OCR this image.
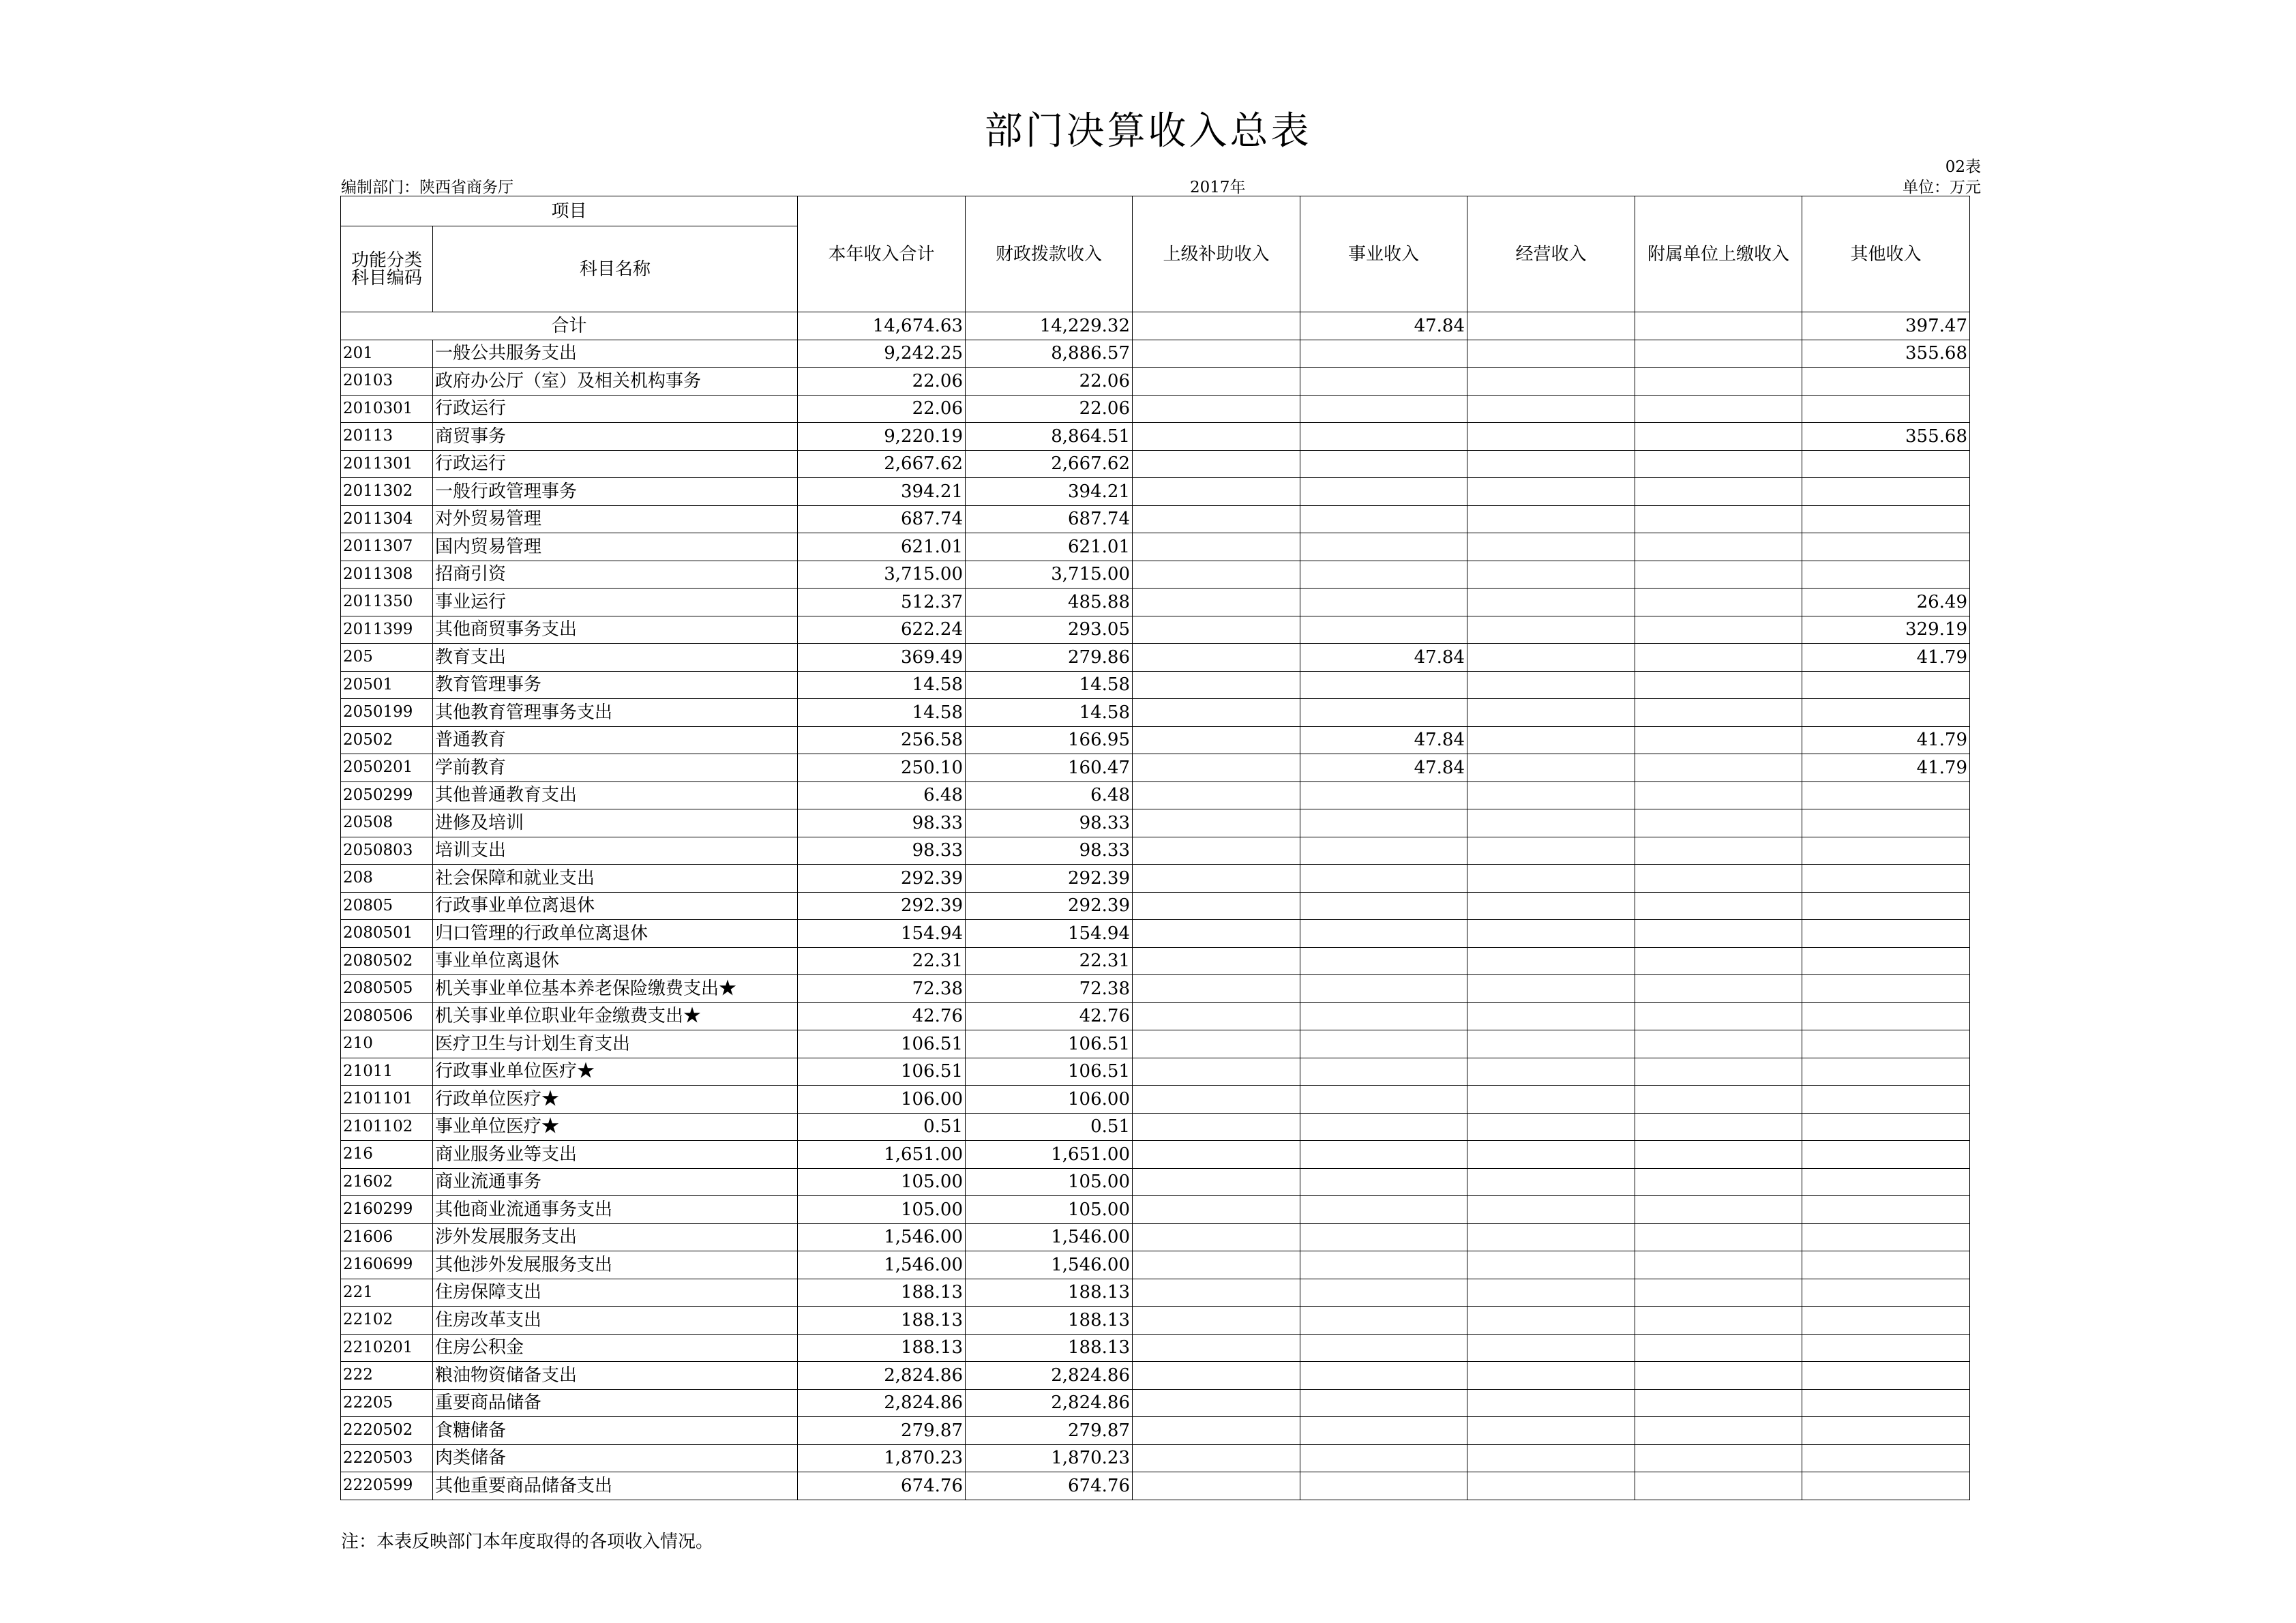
部门决算收入总表
02表
编制部门：陕西省商务厅	2017年	单位：万元
项目		本年收入合计	财政拨款收入	上级补助收入	事业收入	经营收入	附属单位上缴收入	其他收入
功能分类科目编码	科目名称							
合计		14,674.63	14,229.32		47.84			397.47
201	一般公共服务支出	9,242.25	8,886.57					355.68
20103	政府办公厅（室）及相关机构事务	22.06	22.06					
2010301	行政运行	22.06	22.06					
20113	商贸事务	9,220.19	8,864.51					355.68
2011301	行政运行	2,667.62	2,667.62					
2011302	一般行政管理事务	394.21	394.21					
2011304	对外贸易管理	687.74	687.74					
2011307	国内贸易管理	621.01	621.01					
2011308	招商引资	3,715.00	3,715.00					
2011350	事业运行	512.37	485.88					26.49
2011399	其他商贸事务支出	622.24	293.05					329.19
205	教育支出	369.49	279.86		47.84			41.79
20501	教育管理事务	14.58	14.58					
2050199	其他教育管理事务支出	14.58	14.58					
20502	普通教育	256.58	166.95		47.84			41.79
2050201	学前教育	250.10	160.47		47.84			41.79
2050299	其他普通教育支出	6.48	6.48					
20508	进修及培训	98.33	98.33					
2050803	培训支出	98.33	98.33					
208	社会保障和就业支出	292.39	292.39					
20805	行政事业单位离退休	292.39	292.39					
2080501	归口管理的行政单位离退休	154.94	154.94					
2080502	事业单位离退休	22.31	22.31					
2080505	机关事业单位基本养老保险缴费支出★	72.38	72.38					
2080506	机关事业单位职业年金缴费支出★	42.76	42.76					
210	医疗卫生与计划生育支出	106.51	106.51					
21011	行政事业单位医疗★	106.51	106.51					
2101101	行政单位医疗★	106.00	106.00					
2101102	事业单位医疗★	0.51	0.51					
216	商业服务业等支出	1,651.00	1,651.00					
21602	商业流通事务	105.00	105.00					
2160299	其他商业流通事务支出	105.00	105.00					
21606	涉外发展服务支出	1,546.00	1,546.00					
2160699	其他涉外发展服务支出	1,546.00	1,546.00					
221	住房保障支出	188.13	188.13					
22102	住房改革支出	188.13	188.13					
2210201	住房公积金	188.13	188.13					
222	粮油物资储备支出	2,824.86	2,824.86					
22205	重要商品储备	2,824.86	2,824.86					
2220502	食糖储备	279.87	279.87					
2220503	肉类储备	1,870.23	1,870.23					
2220599	其他重要商品储备支出	674.76	674.76					
注：本表反映部门本年度取得的各项收入情况。
